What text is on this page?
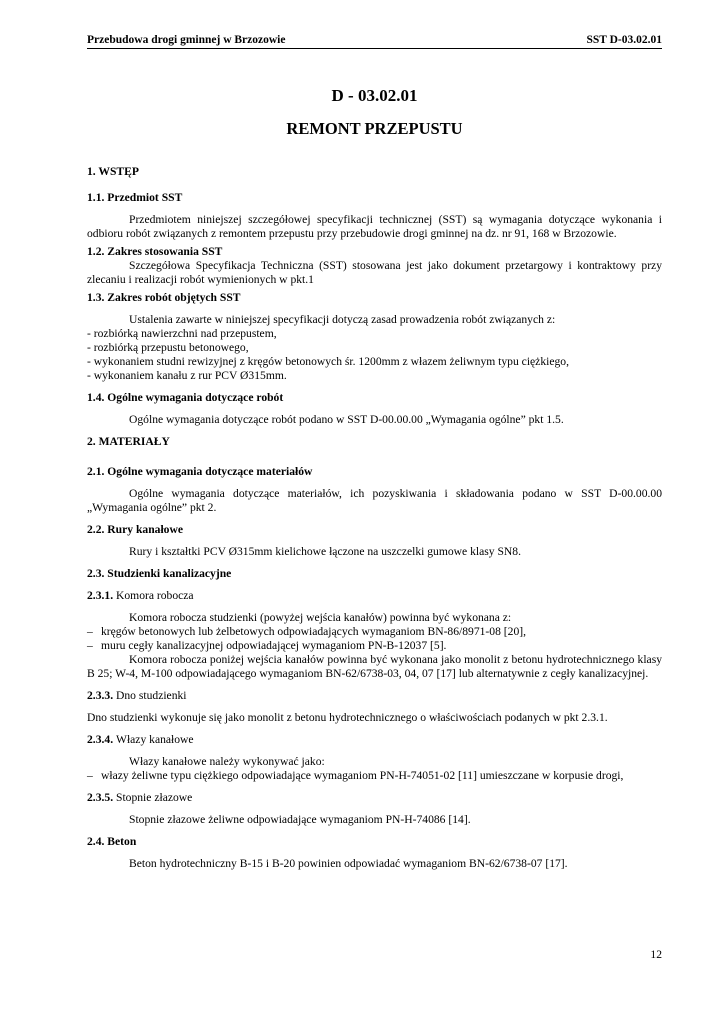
Przebudowa drogi gminnej w Brzozowie	SST D-03.02.01
D - 03.02.01
REMONT PRZEPUSTU
1. WSTĘP
1.1. Przedmiot SST

Przedmiotem niniejszej szczegółowej specyfikacji technicznej (SST) są wymagania dotyczące wykonania i odbioru robót związanych z remontem przepustu przy przebudowie drogi gminnej na dz. nr 91, 168 w Brzozowie.

1.2. Zakres stosowania SST

Szczegółowa Specyfikacja Techniczna (SST) stosowana jest jako dokument przetargowy i kontraktowy przy zlecaniu i realizacji robót wymienionych w pkt.1

1.3. Zakres robót objętych SST

Ustalenia zawarte w niniejszej specyfikacji dotyczą zasad prowadzenia robót związanych z:

- rozbiórką nawierzchni nad przepustem,
- rozbiórką przepustu betonowego,
- wykonaniem studni rewizyjnej z kręgów betonowych śr. 1200mm z włazem żeliwnym typu ciężkiego,
- wykonaniem kanału z rur PCV Ø315mm.
1.4. Ogólne wymagania dotyczące robót

Ogólne wymagania dotyczące robót podano w SST D-00.00.00 „Wymagania ogólne” pkt 1.5.

2. MATERIAŁY
2.1. Ogólne wymagania dotyczące materiałów

Ogólne wymagania dotyczące materiałów, ich pozyskiwania i składowania podano w SST D-00.00.00 „Wymagania ogólne” pkt 2.

2.2. Rury kanałowe

Rury i kształtki PCV Ø315mm kielichowe łączone na uszczelki gumowe klasy SN8.

2.3. Studzienki kanalizacyjne
2.3.1. Komora robocza

Komora robocza studzienki (powyżej wejścia kanałów) powinna być wykonana z:

– kręgów betonowych lub żelbetowych odpowiadających wymaganiom BN-86/8971-08 [20],
– muru cegły kanalizacyjnej odpowiadającej wymaganiom PN-B-12037 [5].

Komora robocza poniżej wejścia kanałów powinna być wykonana jako monolit z betonu hydrotechnicznego klasy B 25; W-4, M-100 odpowiadającego wymaganiom BN-62/6738-03, 04, 07 [17] lub alternatywnie z cegły kanalizacyjnej.

2.3.3. Dno studzienki

Dno studzienki wykonuje się jako monolit z betonu hydrotechnicznego o właściwościach podanych w pkt 2.3.1.

2.3.4. Włazy kanałowe

Włazy kanałowe należy wykonywać jako:

– włazy żeliwne typu ciężkiego odpowiadające wymaganiom PN-H-74051-02 [11] umieszczane w korpusie drogi,
2.3.5. Stopnie złazowe

Stopnie złazowe żeliwne odpowiadające wymaganiom PN-H-74086 [14].

2.4. Beton

Beton hydrotechniczny B-15 i B-20 powinien odpowiadać wymaganiom BN-62/6738-07 [17].

12
